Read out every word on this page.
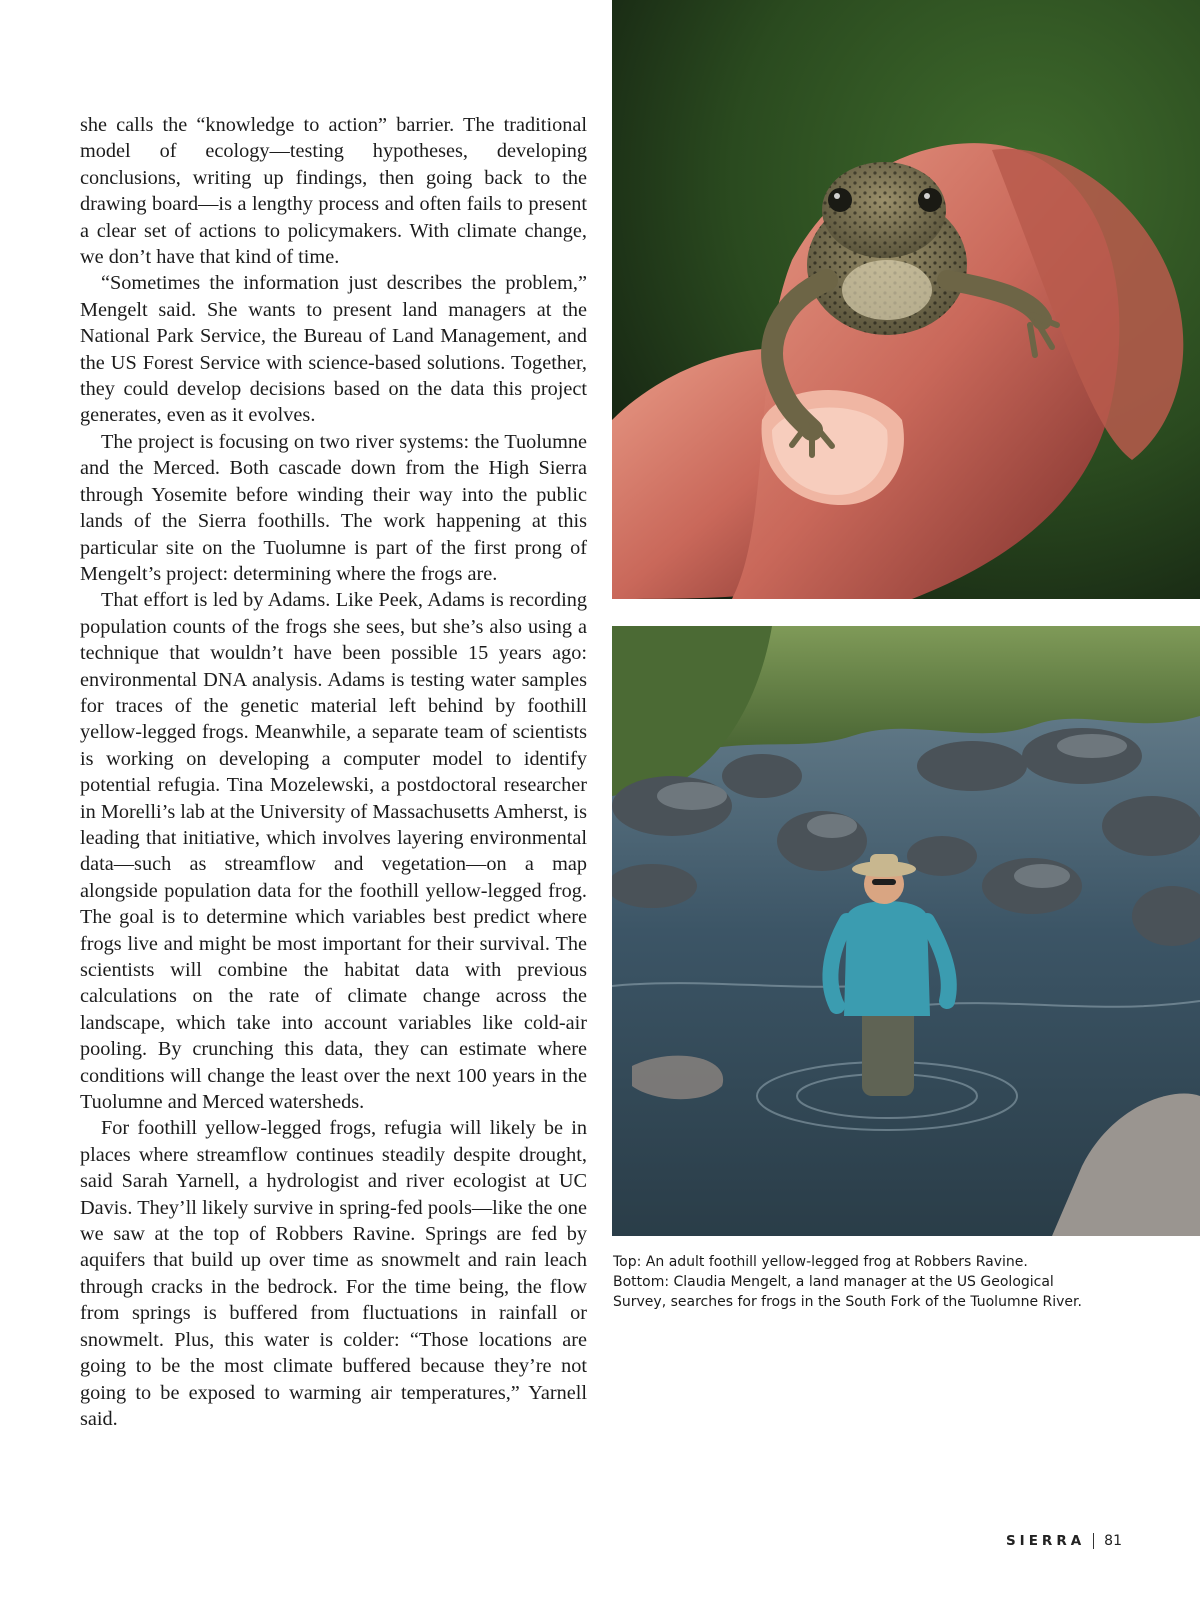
she calls the “knowledge to action” barrier. The traditional model of ecology—testing hypotheses, developing conclusions, writing up findings, then going back to the drawing board—is a lengthy process and often fails to present a clear set of actions to policymakers. With climate change, we don’t have that kind of time.

“Sometimes the information just describes the problem,” Mengelt said. She wants to present land managers at the National Park Service, the Bureau of Land Management, and the US Forest Service with science-based solutions. Together, they could develop decisions based on the data this project generates, even as it evolves.

The project is focusing on two river systems: the Tuolumne and the Merced. Both cascade down from the High Sierra through Yosemite before winding their way into the public lands of the Sierra foothills. The work happening at this particular site on the Tuolumne is part of the first prong of Mengelt’s project: determining where the frogs are.

That effort is led by Adams. Like Peek, Adams is recording population counts of the frogs she sees, but she’s also using a technique that wouldn’t have been possible 15 years ago: environmental DNA analysis. Adams is testing water samples for traces of the genetic material left behind by foothill yellow-legged frogs. Meanwhile, a separate team of scientists is working on developing a computer model to identify potential refugia. Tina Mozelewski, a postdoctoral researcher in Morelli’s lab at the University of Massachusetts Amherst, is leading that initiative, which involves layering environmental data—such as streamflow and vegetation—on a map alongside population data for the foothill yellow-legged frog. The goal is to determine which variables best predict where frogs live and might be most important for their survival. The scientists will combine the habitat data with previous calculations on the rate of climate change across the landscape, which take into account variables like cold-air pooling. By crunching this data, they can estimate where conditions will change the least over the next 100 years in the Tuolumne and Merced watersheds.

For foothill yellow-legged frogs, refugia will likely be in places where streamflow continues steadily despite drought, said Sarah Yarnell, a hydrologist and river ecologist at UC Davis. They’ll likely survive in spring-fed pools—like the one we saw at the top of Robbers Ravine. Springs are fed by aquifers that build up over time as snowmelt and rain leach through cracks in the bedrock. For the time being, the flow from springs is buffered from fluctuations in rainfall or snowmelt. Plus, this water is colder: “Those locations are going to be the most climate buffered because they’re not going to be exposed to warming air temperatures,” Yarnell said.

Top: An adult foothill yellow-legged frog at Robbers Ravine.
Bottom: Claudia Mengelt, a land manager at the US Geological
Survey, searches for frogs in the South Fork of the Tuolumne River.
SIERRA 81
